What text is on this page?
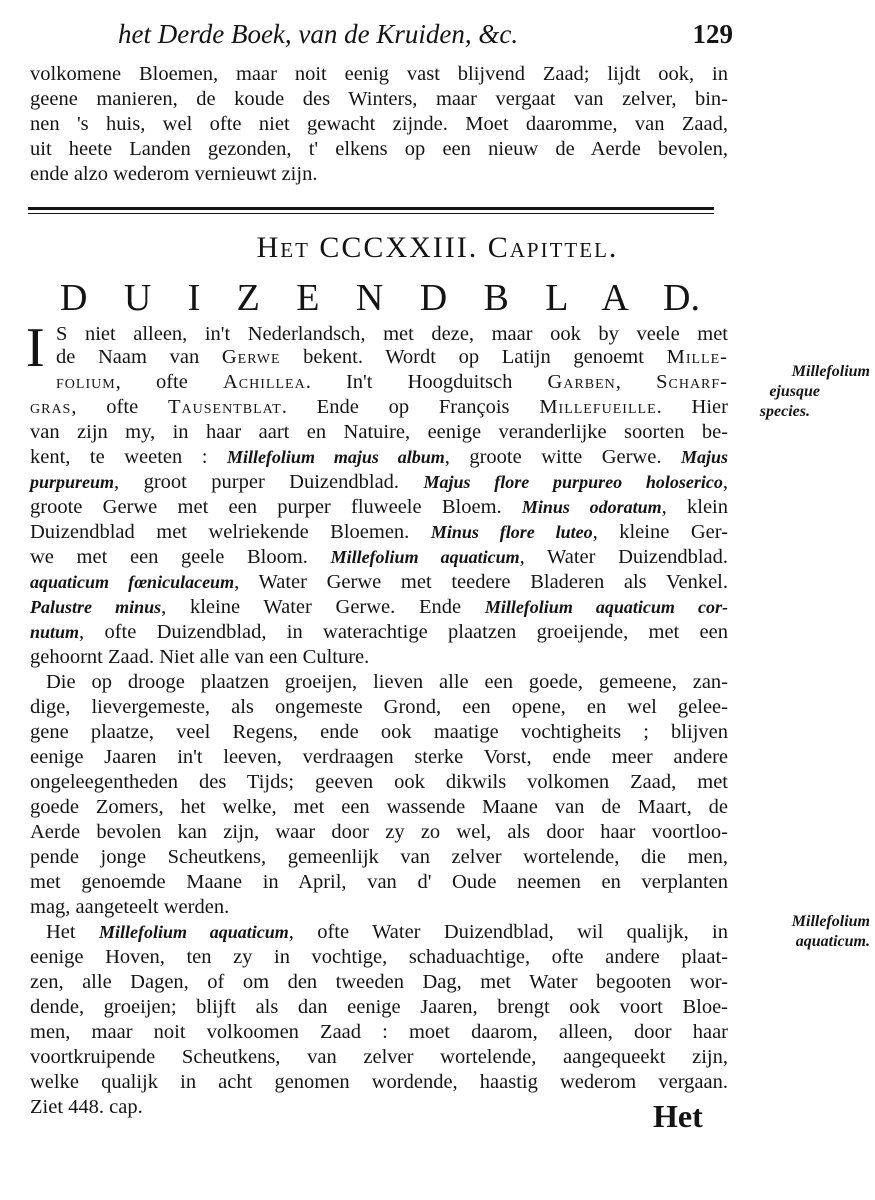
het Derde Boek, van de Kruiden, &c.	129
volkomene Bloemen, maar noit eenig vast blijvend Zaad; lijdt ook, in
geene manieren, de koude des Winters, maar vergaat van zelver, bin-
nen 's huis, wel ofte niet gewacht zijnde. Moet daaromme, van Zaad,
uit heete Landen gezonden, t' elkens op een nieuw de Aerde bevolen,
ende alzo wederom vernieuwt zijn.
Het CCCXXIII. Capittel.
D U I Z E N D B L A D.
I S niet alleen, in't Nederlandsch, met deze, maar ook by veele met
de Naam van Gerwe bekent. Wordt op Latijn genoemt Mille-
folium, ofte Achillea. In't Hoogduitsch Garben, Scharf-
gras, ofte Tausentblat. Ende op François Millefueille. Hier
van zijn my, in haar aart en Natuire, eenige veranderlijke soorten be-
kent, te weeten : Millefolium majus album, groote witte Gerwe. Majus
purpureum, groot purper Duizendblad. Majus flore purpureo holoserico,
groote Gerwe met een purper fluweele Bloem. Minus odoratum, klein
Duizendblad met welriekende Bloemen. Minus flore luteo, kleine Ger-
we met een geele Bloom. Millefolium aquaticum, Water Duizendblad.
aquaticum fœniculaceum, Water Gerwe met teedere Bladeren als Venkel.
Palustre minus, kleine Water Gerwe. Ende Millefolium aquaticum cor-
nutum, ofte Duizendblad, in waterachtige plaatzen groeijende, met een
gehoornt Zaad. Niet alle van een Culture.
Die op drooge plaatzen groeijen, lieven alle een goede, gemeene, zan-
dige, lievergemeste, als ongemeste Grond, een opene, en wel gelee-
gene plaatze, veel Regens, ende ook maatige vochtigheits ; blijven
eenige Jaaren in't leeven, verdraagen sterke Vorst, ende meer andere
ongeleegentheden des Tijds; geeven ook dikwils volkomen Zaad, met
goede Zomers, het welke, met een wassende Maane van de Maart, de
Aerde bevolen kan zijn, waar door zy zo wel, als door haar voortloo-
pende jonge Scheutkens, gemeenlijk van zelver wortelende, die men,
met genoemde Maane in April, van d' Oude neemen en verplanten
mag, aangeteelt werden.
Het Millefolium aquaticum, ofte Water Duizendblad, wil qualijk, in
eenige Hoven, ten zy in vochtige, schaduachtige, ofte andere plaat-
zen, alle Dagen, of om den tweeden Dag, met Water begooten wor-
dende, groeijen; blijft als dan eenige Jaaren, brengt ook voort Bloe-
men, maar noit volkoomen Zaad : moet daarom, alleen, door haar
voortkruipende Scheutkens, van zelver wortelende, aangequeekt zijn,
welke qualijk in acht genomen wordende, haastig wederom vergaan.
Ziet 448. cap.
Millefolium
ejusque
species.
Millefolium
aquaticum.
Het
